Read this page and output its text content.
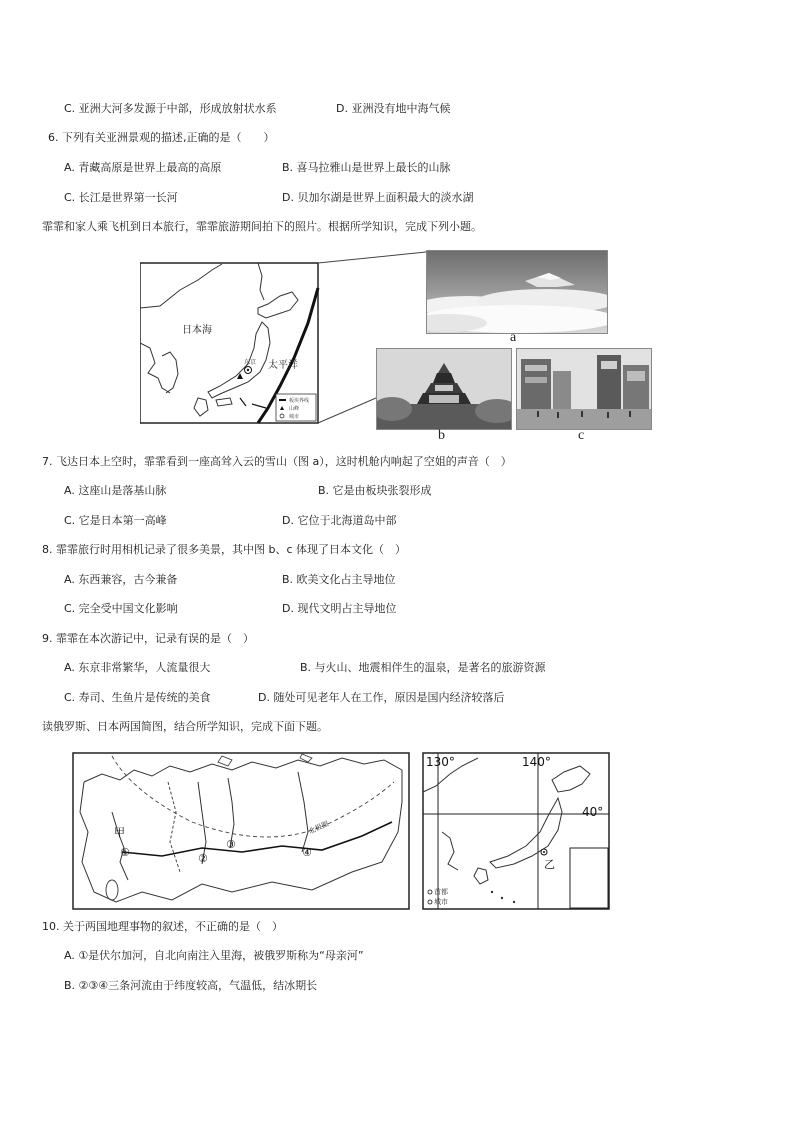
C. 亚洲大河多发源于中部，形成放射状水系	D. 亚洲没有地中海气候
6. 下列有关亚洲景观的描述,正确的是（　　）
A. 青藏高原是世界上最高的高原	B. 喜马拉雅山是世界上最长的山脉
C. 长江是世界第一长河	D. 贝加尔湖是世界上面积最大的淡水湖
霏霏和家人乘飞机到日本旅行，霏霏旅游期间拍下的照片。根据所学知识，完成下列小题。
东京
日本海
太平洋
板块界线
山峰
城市
a
b	c
7. 飞达日本上空时，霏霏看到一座高耸入云的雪山（图 a），这时机舱内响起了空姐的声音（　）
A. 这座山是落基山脉	B. 它是由板块张裂形成
C. 它是日本第一高峰	D. 它位于北海道岛中部
8. 霏霏旅行时用相机记录了很多美景，其中图 b、c 体现了日本文化（　）
A. 东西兼容，古今兼备	B. 欧美文化占主导地位
C. 完全受中国文化影响	D. 现代文明占主导地位
9. 霏霏在本次游记中，记录有误的是（　）
A. 东京非常繁华，人流量很大	B. 与火山、地震相伴生的温泉，是著名的旅游资源
C. 寿司、生鱼片是传统的美食	D. 随处可见老年人在工作，原因是国内经济较落后
读俄罗斯、日本两国简图，结合所学知识，完成下面下题。
北极圈
甲
①	②
③
④
130°	140°
40°
乙
首都
城市
10. 关于两国地理事物的叙述，不正确的是（　）
A. ①是伏尔加河，自北向南注入里海，被俄罗斯称为“母亲河”
B. ②③④三条河流由于纬度较高，气温低，结冰期长
